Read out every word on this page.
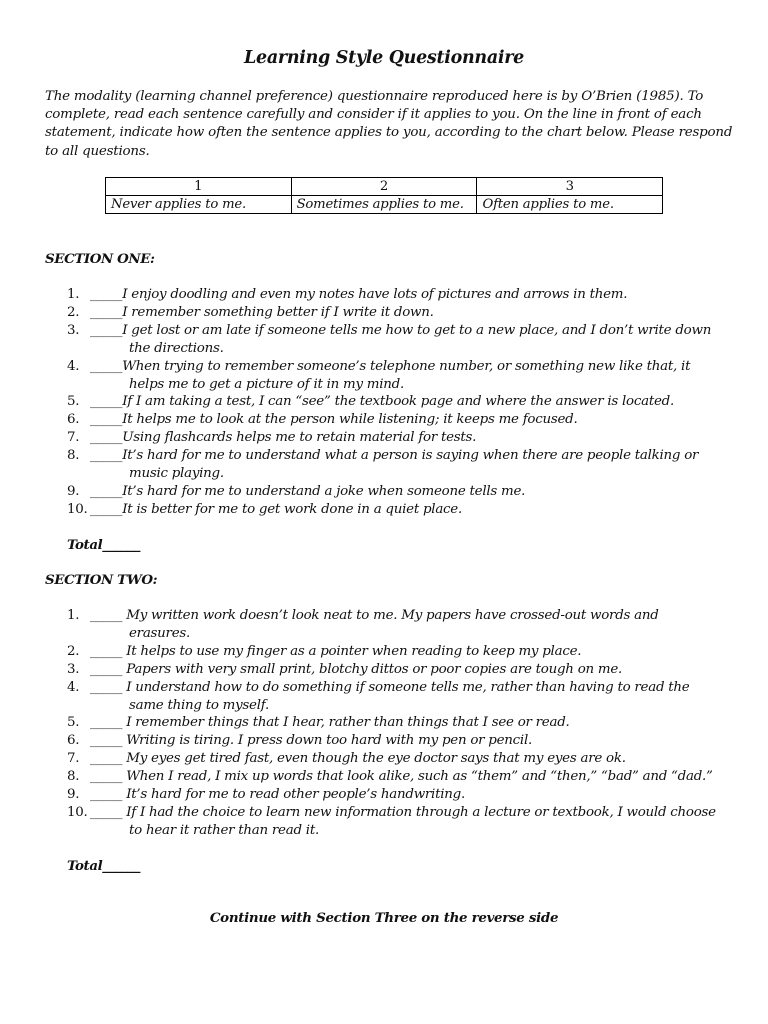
Learning Style Questionnaire
The modality (learning channel preference) questionnaire reproduced here is by O’Brien (1985). To complete, read each sentence carefully and consider if it applies to you. On the line in front of each statement, indicate how often the sentence applies to you, according to the chart below. Please respond to all questions.
1	2	3
Never applies to me.	Sometimes applies to me.	Often applies to me.
SECTION ONE:
1. _____I enjoy doodling and even my notes have lots of pictures and arrows in them.
2. _____I remember something better if I write it down.
3. _____I get lost or am late if someone tells me how to get to a new place, and I don’t write down
the directions.
4. _____When trying to remember someone’s telephone number, or something new like that, it
helps me to get a picture of it in my mind.
5. _____If I am taking a test, I can “see” the textbook page and where the answer is located.
6. _____It helps me to look at the person while listening; it keeps me focused.
7. _____Using flashcards helps me to retain material for tests.
8. _____It’s hard for me to understand what a person is saying when there are people talking or
music playing.
9. _____It’s hard for me to understand a joke when someone tells me.
10. _____It is better for me to get work done in a quiet place.
Total______
SECTION TWO:
1. _____ My written work doesn’t look neat to me. My papers have crossed-out words and
erasures.
2. _____ It helps to use my finger as a pointer when reading to keep my place.
3. _____ Papers with very small print, blotchy dittos or poor copies are tough on me.
4. _____ I understand how to do something if someone tells me, rather than having to read the
same thing to myself.
5. _____ I remember things that I hear, rather than things that I see or read.
6. _____ Writing is tiring. I press down too hard with my pen or pencil.
7. _____ My eyes get tired fast, even though the eye doctor says that my eyes are ok.
8. _____ When I read, I mix up words that look alike, such as “them” and “then,” “bad” and “dad.”
9. _____ It’s hard for me to read other people’s handwriting.
10. _____ If I had the choice to learn new information through a lecture or textbook, I would choose
to hear it rather than read it.
Total______
Continue with Section Three on the reverse side
